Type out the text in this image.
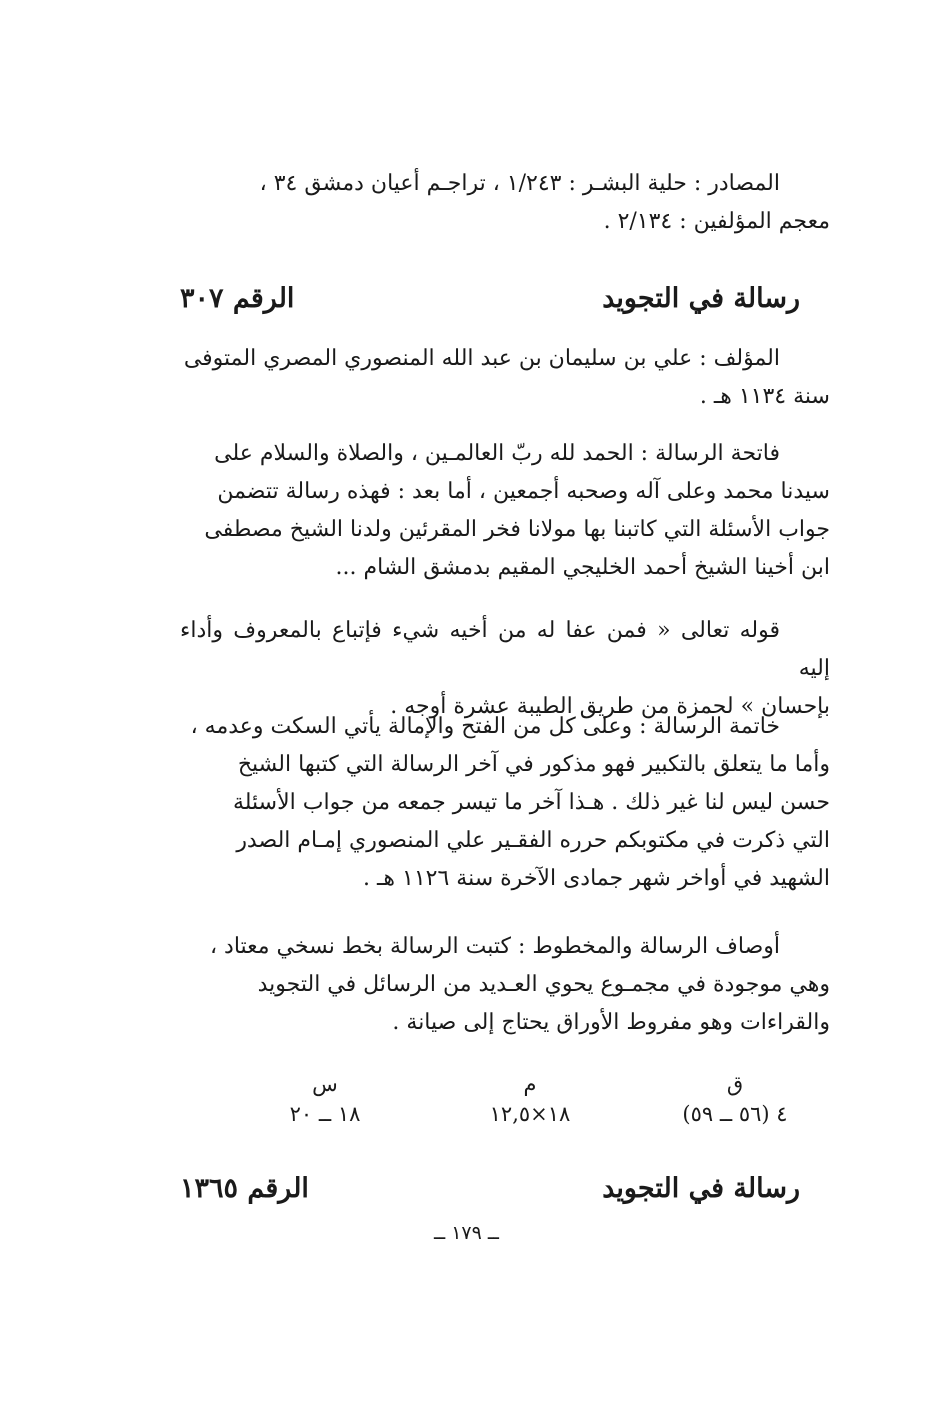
المصادر : حلية البشـر : ١/٢٤٣ ، تراجـم أعيان دمشق ٣٤ ،
معجم المؤلفين : ٢/١٣٤ .
رسالة في التجويد
الرقم ٣٠٧
المؤلف : علي بن سليمان بن عبد الله المنصوري المصري المتوفى
سنة ١١٣٤ هـ .
فاتحة الرسالة : الحمد لله ربّ العالمـين ، والصلاة والسلام على
سيدنا محمد وعلى آله وصحبه أجمعين ، أما بعد : فهذه رسالة تتضمن
جواب الأسئلة التي كاتبنا بها مولانا فخر المقرئين ولدنا الشيخ مصطفى
ابن أخينا الشيخ أحمد الخليجي المقيم بدمشق الشام ...
قوله تعالى « فمن عفا له من أخيه شيء فإتباع بالمعروف وأداء إليه
بإحسان » لحمزة من طريق الطيبة عشرة أوجه .
خاتمة الرسالة : وعلى كل من الفتح والإمالة يأتي السكت وعدمه ،
وأما ما يتعلق بالتكبير فهو مذكور في آخر الرسالة التي كتبها الشيخ
حسن ليس لنا غير ذلك . هـذا آخر ما تيسر جمعه من جواب الأسئلة
التي ذكرت في مكتوبكم حرره الفقـير علي المنصوري إمـام الصدر
الشهيد في أواخر شهر جمادى الآخرة سنة ١١٢٦ هـ .
أوصاف الرسالة والمخطوط : كتبت الرسالة بخط نسخي معتاد ،
وهي موجودة في مجمـوع يحوي العـديد من الرسائل في التجويد
والقراءات وهو مفروط الأوراق يحتاج إلى صيانة .
ق
م
س
٤ (٥٦ ــ ٥٩)
١٨×١٢,٥
١٨ ــ ٢٠
رسالة في التجويد
الرقم ١٣٦٥
ــ ١٧٩ ــ
